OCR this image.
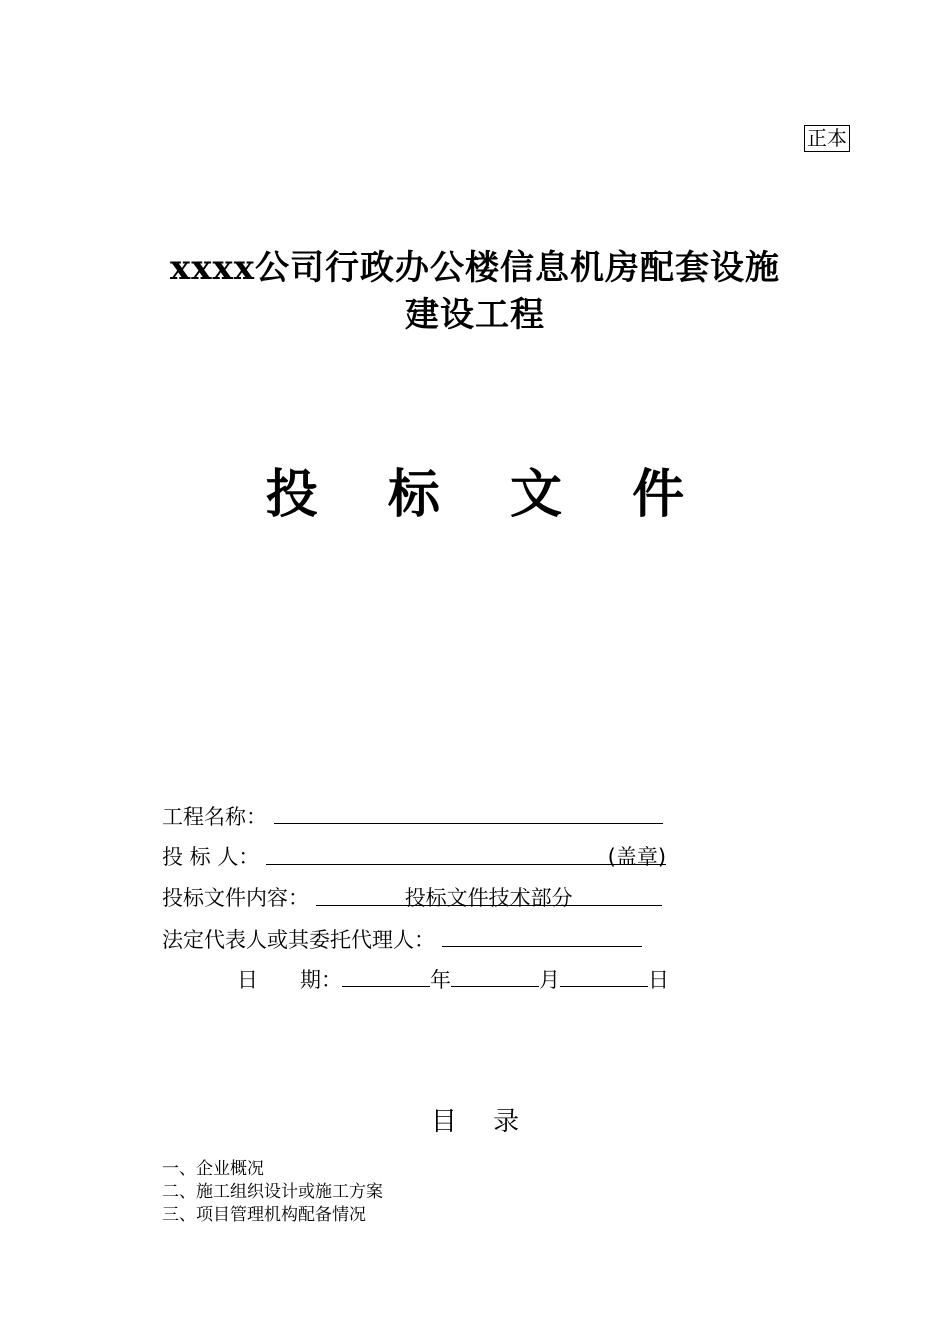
正本
xxxx公司行政办公楼信息机房配套设施
建设工程
投 标 文 件
工程名称：
投 标 人：	(盖章)
投标文件内容：	投标文件技术部分
法定代表人或其委托代理人：
日　　期：	年	月	日
目 录
一、企业概况
二、施工组织设计或施工方案
三、项目管理机构配备情况
